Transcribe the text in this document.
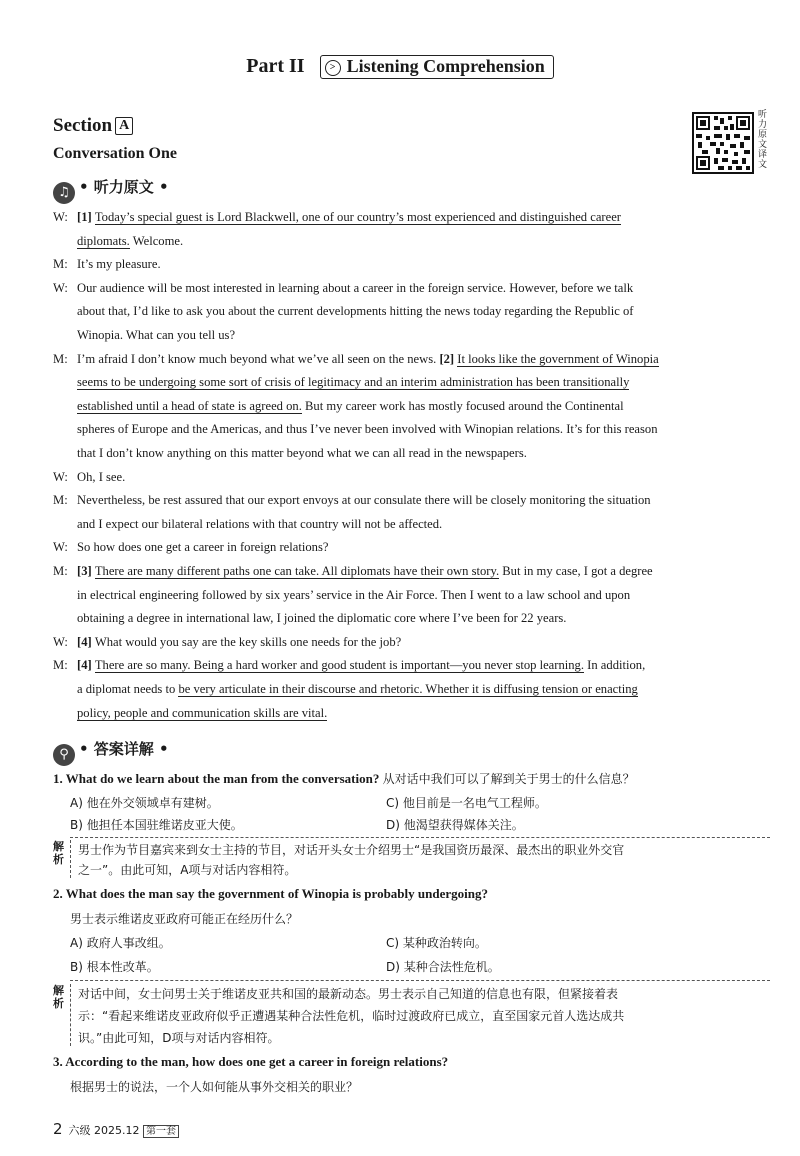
Part II	> Listening Comprehension
Section A
Conversation One
听力原文译文
♫ • 听力原文 •
W: [1] Today’s special guest is Lord Blackwell, one of our country’s most experienced and distinguished career
diplomats. Welcome.
M: It’s my pleasure.
W: Our audience will be most interested in learning about a career in the foreign service. However, before we talk
about that, I’d like to ask you about the current developments hitting the news today regarding the Republic of
Winopia. What can you tell us?
M: I’m afraid I don’t know much beyond what we’ve all seen on the news. [2] It looks like the government of Winopia
seems to be undergoing some sort of crisis of legitimacy and an interim administration has been transitionally
established until a head of state is agreed on. But my career work has mostly focused around the Continental
spheres of Europe and the Americas, and thus I’ve never been involved with Winopian relations. It’s for this reason
that I don’t know anything on this matter beyond what we can all read in the newspapers.
W: Oh, I see.
M: Nevertheless, be rest assured that our export envoys at our consulate there will be closely monitoring the situation
and I expect our bilateral relations with that country will not be affected.
W: So how does one get a career in foreign relations?
M: [3] There are many different paths one can take. All diplomats have their own story. But in my case, I got a degree
in electrical engineering followed by six years’ service in the Air Force. Then I went to a law school and upon
obtaining a degree in international law, I joined the diplomatic core where I’ve been for 22 years.
W: [4] What would you say are the key skills one needs for the job?
M: [4] There are so many. Being a hard worker and good student is important—you never stop learning. In addition,
a diplomat needs to be very articulate in their discourse and rhetoric. Whether it is diffusing tension or enacting
policy, people and communication skills are vital.
⚲ • 答案详解 •
1. What do we learn about the man from the conversation? 从对话中我们可以了解到关于男士的什么信息？
A) 他在外交领域卓有建树。	C) 他目前是一名电气工程师。
B) 他担任本国驻维诺皮亚大使。	D) 他渴望获得媒体关注。
解析
男士作为节目嘉宾来到女士主持的节目，对话开头女士介绍男士“是我国资历最深、最杰出的职业外交官
之一”。由此可知，A项与对话内容相符。
2. What does the man say the government of Winopia is probably undergoing?
男士表示维诺皮亚政府可能正在经历什么？
A) 政府人事改组。	C) 某种政治转向。
B) 根本性改革。	D) 某种合法性危机。
解析
对话中间，女士问男士关于维诺皮亚共和国的最新动态。男士表示自己知道的信息也有限，但紧接着表
示：“看起来维诺皮亚政府似乎正遭遇某种合法性危机，临时过渡政府已成立，直至国家元首人选达成共
识。”由此可知，D项与对话内容相符。
3. According to the man, how does one get a career in foreign relations?
根据男士的说法，一个人如何能从事外交相关的职业？
2 六级 2025.12 第一套
